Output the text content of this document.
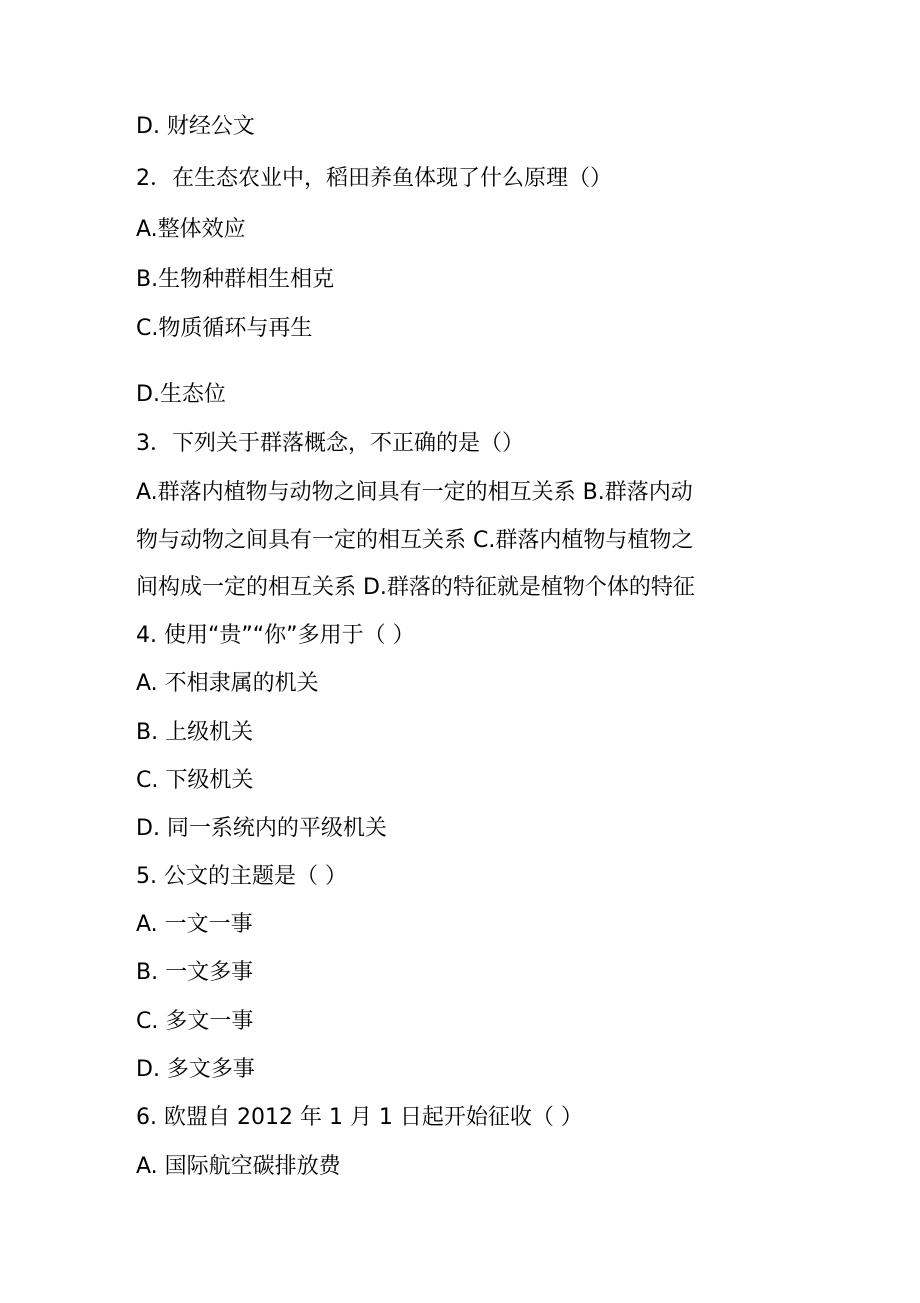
D. 财经公文
2．在生态农业中，稻田养鱼体现了什么原理（）
A.整体效应
B.生物种群相生相克
C.物质循环与再生
D.生态位
3．下列关于群落概念，不正确的是（）
A.群落内植物与动物之间具有一定的相互关系 B.群落内动
物与动物之间具有一定的相互关系 C.群落内植物与植物之
间构成一定的相互关系 D.群落的特征就是植物个体的特征
4. 使用“贵”“你”多用于（ ）
A. 不相隶属的机关
B. 上级机关
C. 下级机关
D. 同一系统内的平级机关
5. 公文的主题是（ ）
A. 一文一事
B. 一文多事
C. 多文一事
D. 多文多事
6. 欧盟自 2012 年 1 月 1 日起开始征收（ ）
A. 国际航空碳排放费
